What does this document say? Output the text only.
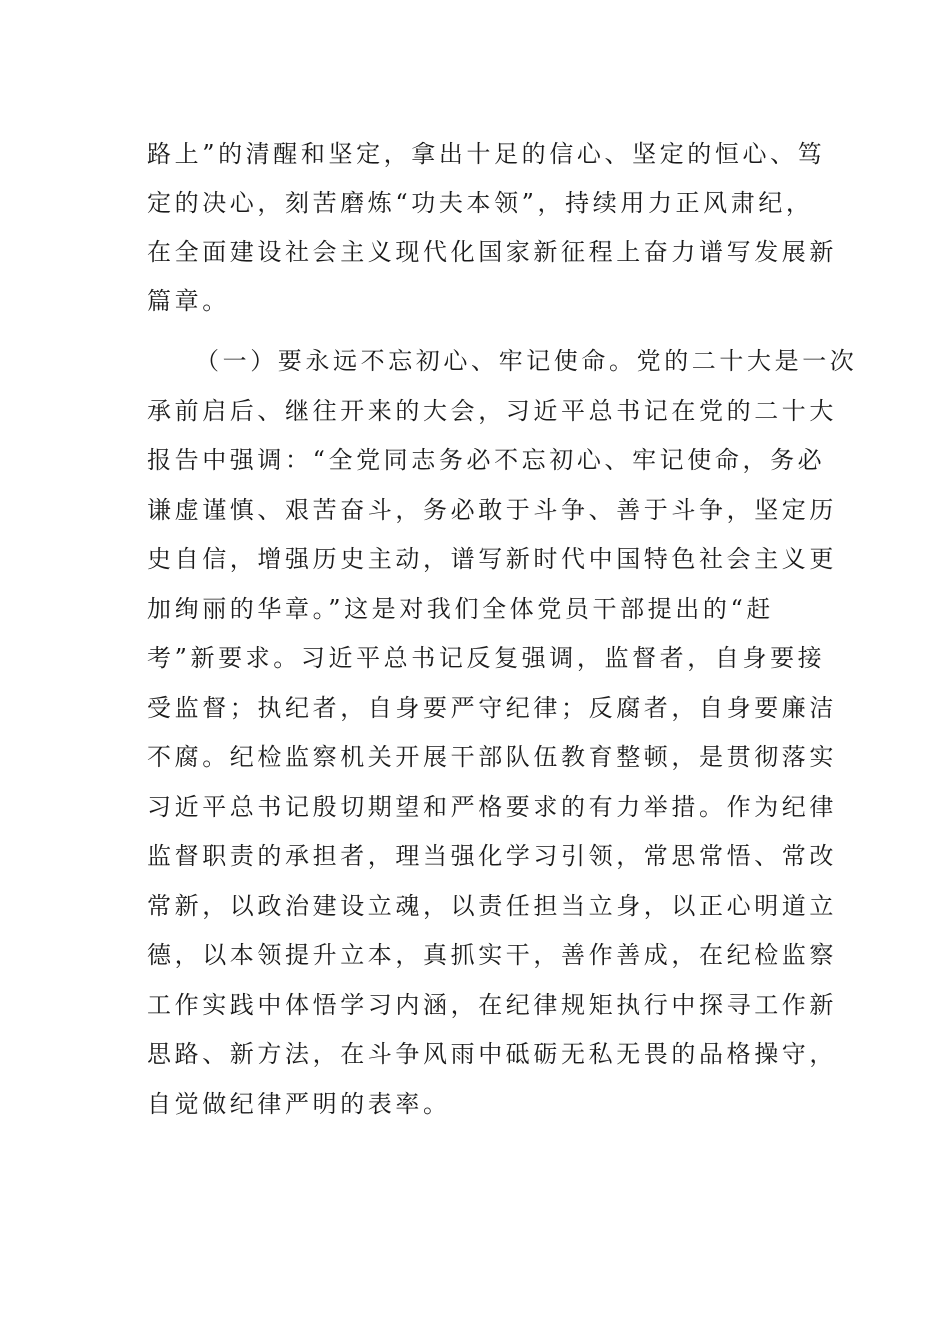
路上”的清醒和坚定，拿出十足的信心、坚定的恒心、笃
定的决心，刻苦磨炼“功夫本领”，持续用力正风肃纪，
在全面建设社会主义现代化国家新征程上奋力谱写发展新
篇章。
（一）要永远不忘初心、牢记使命。党的二十大是一次
承前启后、继往开来的大会，习近平总书记在党的二十大
报告中强调：“全党同志务必不忘初心、牢记使命，务必
谦虚谨慎、艰苦奋斗，务必敢于斗争、善于斗争，坚定历
史自信，增强历史主动，谱写新时代中国特色社会主义更
加绚丽的华章。”这是对我们全体党员干部提出的“赶
考”新要求。习近平总书记反复强调，监督者，自身要接
受监督；执纪者，自身要严守纪律；反腐者，自身要廉洁
不腐。纪检监察机关开展干部队伍教育整顿，是贯彻落实
习近平总书记殷切期望和严格要求的有力举措。作为纪律
监督职责的承担者，理当强化学习引领，常思常悟、常改
常新，以政治建设立魂，以责任担当立身，以正心明道立
德，以本领提升立本，真抓实干，善作善成，在纪检监察
工作实践中体悟学习内涵，在纪律规矩执行中探寻工作新
思路、新方法，在斗争风雨中砥砺无私无畏的品格操守，
自觉做纪律严明的表率。
